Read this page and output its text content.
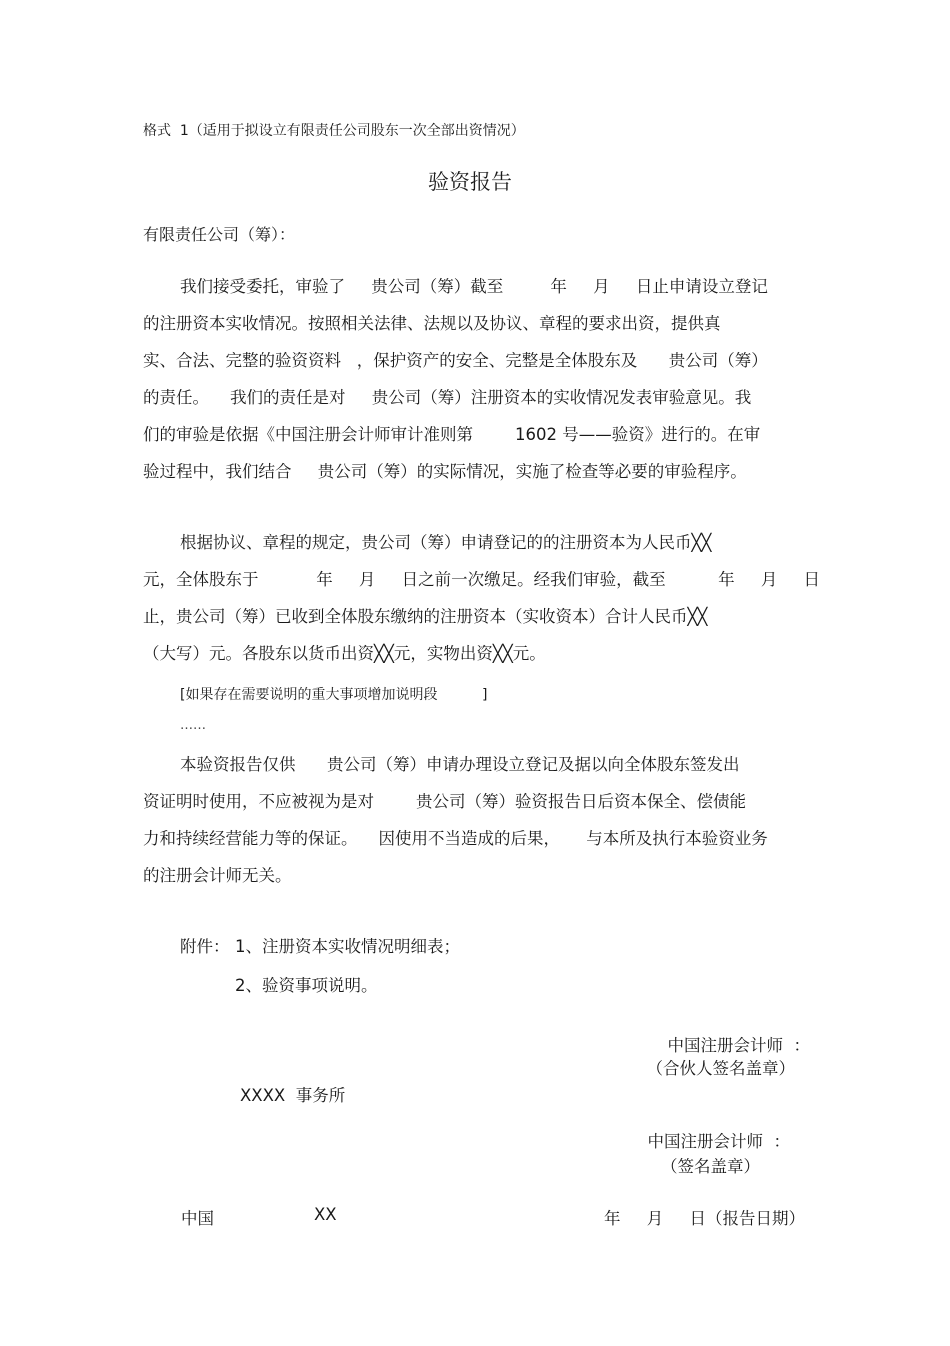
格式  1（适用于拟设立有限责任公司股东一次全部出资情况）
验资报告
有限责任公司（筹）：
我们接受委托，审验了     贵公司（筹）截至         年     月     日止申请设立登记
的注册资本实收情况。按照相关法律、法规以及协议、章程的要求出资，提供真
实、合法、完整的验资资料   ，保护资产的安全、完整是全体股东及      贵公司（筹）
的责任。    我们的责任是对     贵公司（筹）注册资本的实收情况发表审验意见。我
们的审验是依据《中国注册会计师审计准则第        1602 号——验资》进行的。在审
验过程中，我们结合     贵公司（筹）的实际情况，实施了检查等必要的审验程序。
根据协议、章程的规定，贵公司（筹）申请登记的的注册资本为人民币╳╳
元，全体股东于           年     月     日之前一次缴足。经我们审验，截至          年     月     日
止，贵公司（筹）已收到全体股东缴纳的注册资本（实收资本）合计人民币╳╳
（大写）元。各股东以货币出资╳╳元，实物出资╳╳元。
[如果存在需要说明的重大事项增加说明段          ]
……
本验资报告仅供      贵公司（筹）申请办理设立登记及据以向全体股东签发出
资证明时使用，不应被视为是对        贵公司（筹）验资报告日后资本保全、偿债能
力和持续经营能力等的保证。    因使用不当造成的后果，     与本所及执行本验资业务
的注册会计师无关。
附件： 1、注册资本实收情况明细表；
2、验资事项说明。
中国注册会计师  ：
（合伙人签名盖章）
XXXX  事务所
中国注册会计师  ：
（签名盖章）
中国	XX	年     月     日（报告日期）
